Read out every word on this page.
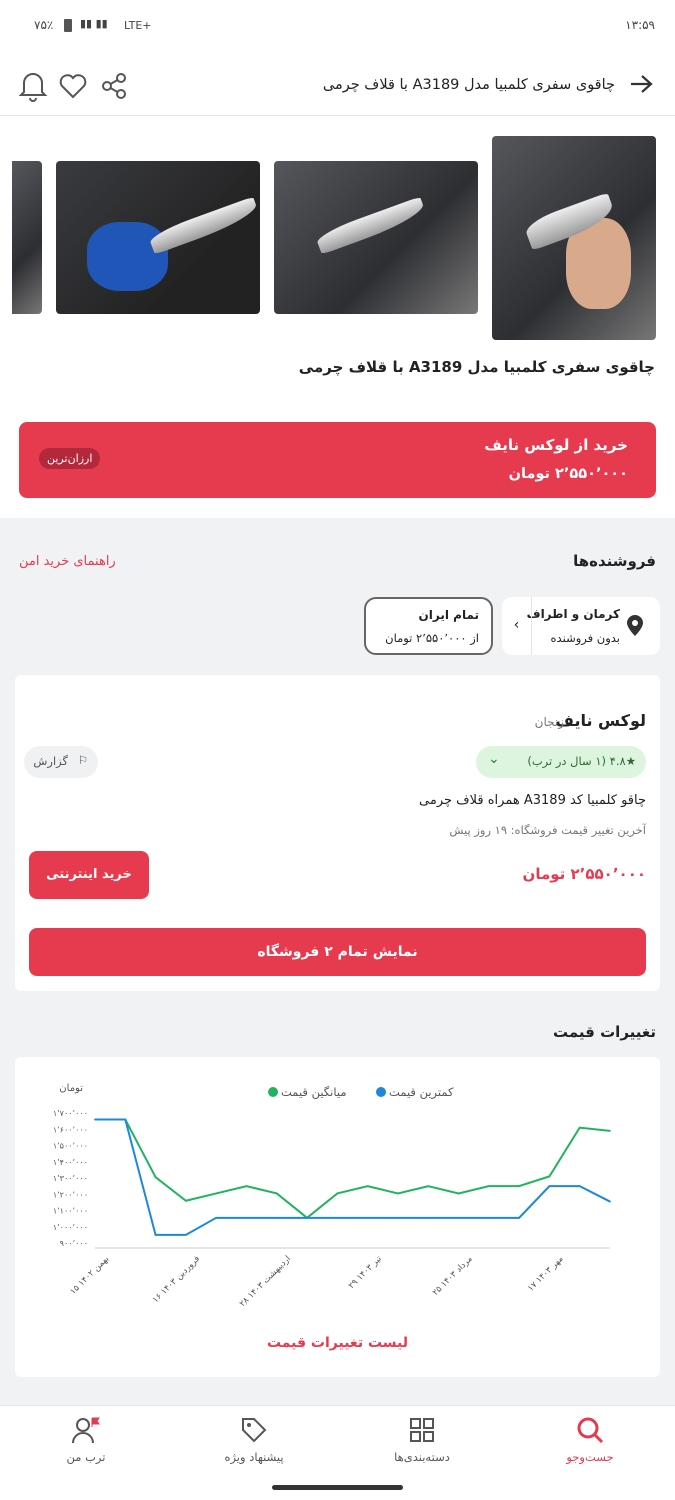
۱۳:۵۹
۷۵٪ ▮▮ ▮▮ LTE+
چاقوی سفری کلمبیا مدل A3189 با قلاف چرمی
چاقوی سفری کلمبیا مدل A3189 با قلاف چرمی
خرید از لوکس نایف
۲٬۵۵۰٬۰۰۰ تومان
ارزان‌ترین
فروشنده‌ها
راهنمای خرید امن
کرمان و اطراف
بدون فروشنده
‹
تمام ایران
از ۲٬۵۵۰٬۰۰۰ تومان
لوکس نایف
زنجان
★۴.۸ (۱ سال در ترب)
⌄
⚐
گزارش
چاقو کلمبیا کد A3189 همراه قلاف چرمی
آخرین تغییر قیمت فروشگاه: ۱۹ روز پیش
۲٬۵۵۰٬۰۰۰ تومان
خرید اینترنتی
نمایش تمام ۲ فروشگاه
تغییرات قیمت
تومان
۹۰۰٬۰۰۰
۱٬۰۰۰٬۰۰۰
۱٬۱۰۰٬۰۰۰
۱٬۲۰۰٬۰۰۰
۱٬۳۰۰٬۰۰۰
۱٬۴۰۰٬۰۰۰
۱٬۵۰۰٬۰۰۰
۱٬۶۰۰٬۰۰۰
۱٬۷۰۰٬۰۰۰
۱۵ بهمن ۱۴۰۲
۱۶ فروردین ۱۴۰۳
۲۸ اردیبهشت ۱۴۰۳	۲۹ تیر ۱۴۰۳
۲۵ مرداد ۱۴۰۳
۱۷ مهر ۱۴۰۳
میانگین قیمت	کمترین قیمت
لیست تغییرات قیمت
جست‌وجو
دسته‌بندی‌ها
پیشنهاد ویژه
ترب من
